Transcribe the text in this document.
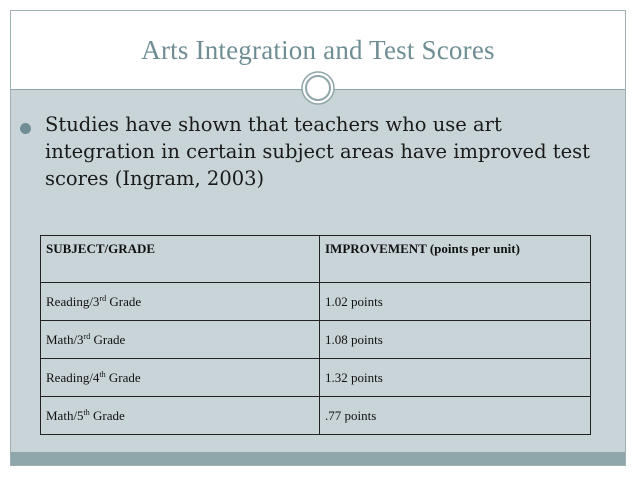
Arts Integration and Test Scores
Studies have shown that teachers who use art integration in certain subject areas have improved test scores (Ingram, 2003)
SUBJECT/GRADE	IMPROVEMENT (points per unit)
Reading/3rd Grade	1.02 points
Math/3rd Grade	1.08 points
Reading/4th Grade	1.32 points
Math/5th Grade	.77 points
